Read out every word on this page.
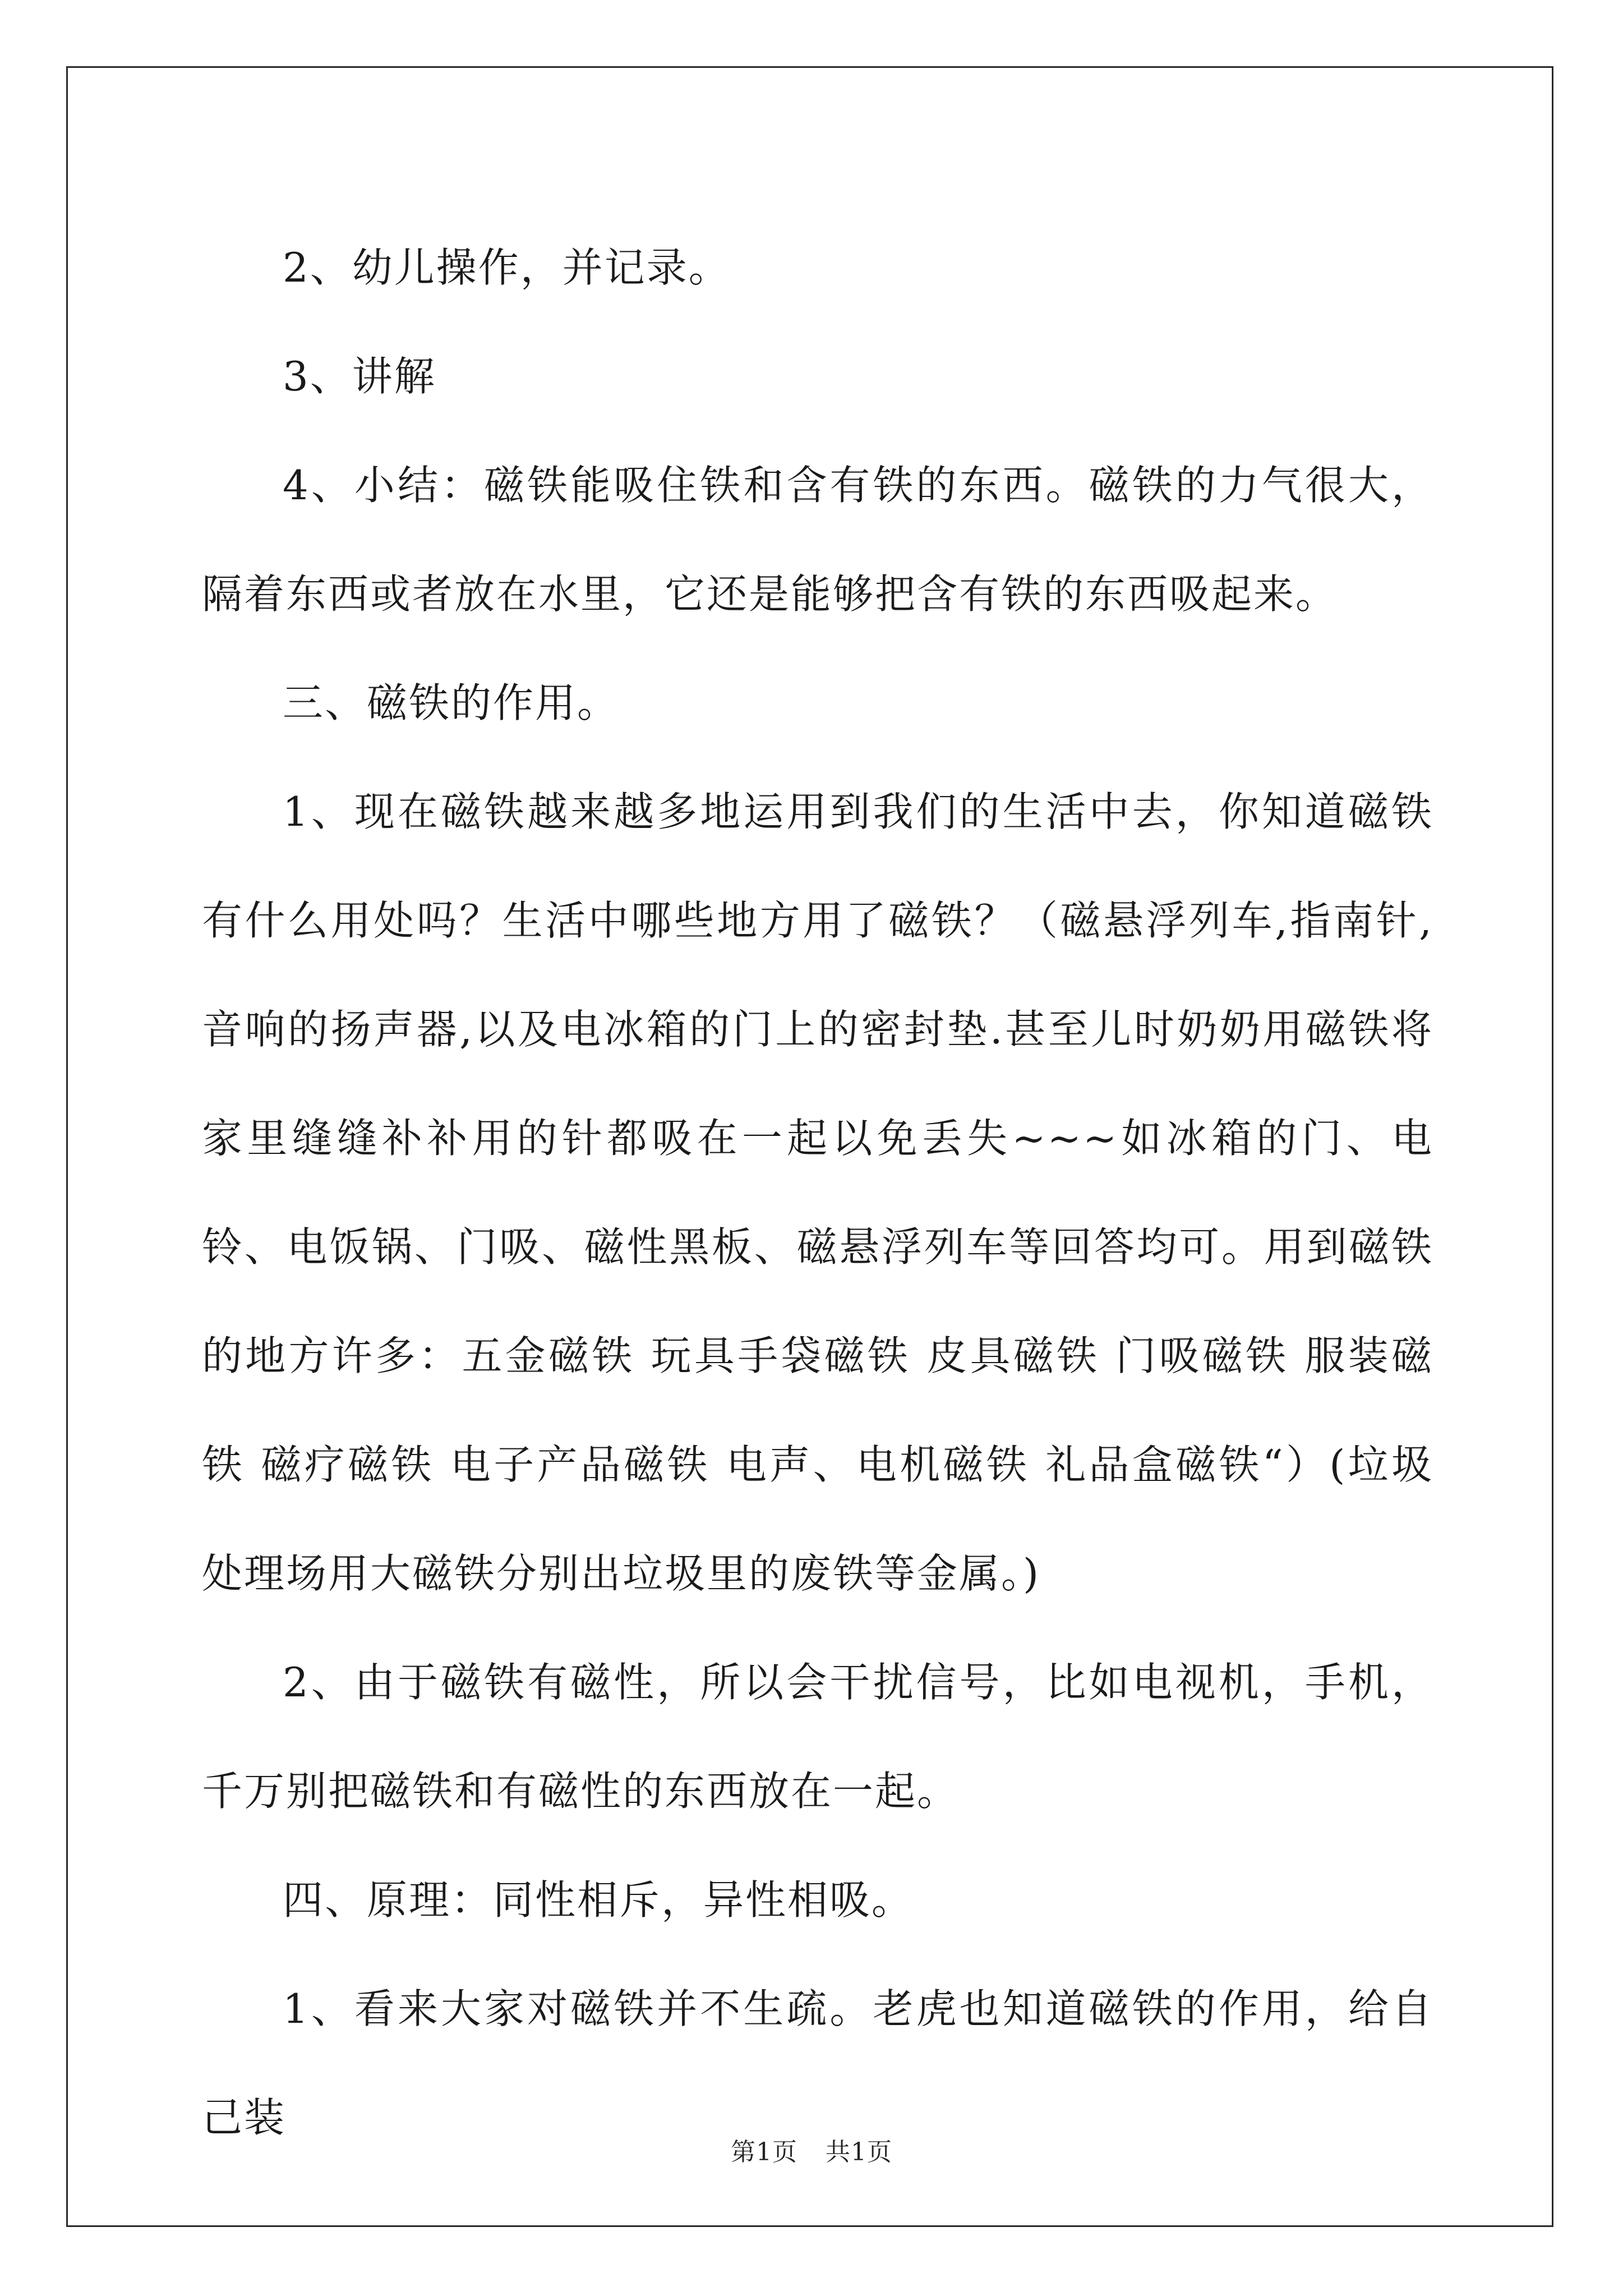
2、幼儿操作，并记录。

3、讲解

4、小结：磁铁能吸住铁和含有铁的东西。磁铁的力气很大，隔着东西或者放在水里，它还是能够把含有铁的东西吸起来。

三、磁铁的作用。

1、现在磁铁越来越多地运用到我们的生活中去，你知道磁铁有什么用处吗？生活中哪些地方用了磁铁？（磁悬浮列车,指南针,音响的扬声器,以及电冰箱的门上的密封垫.甚至儿时奶奶用磁铁将家里缝缝补补用的针都吸在一起以免丢失~~~如冰箱的门、电铃、电饭锅、门吸、磁性黑板、磁悬浮列车等回答均可。用到磁铁的地方许多：五金磁铁 玩具手袋磁铁 皮具磁铁 门吸磁铁 服装磁铁 磁疗磁铁 电子产品磁铁 电声、电机磁铁 礼品盒磁铁“）(垃圾处理场用大磁铁分别出垃圾里的废铁等金属。)

2、由于磁铁有磁性，所以会干扰信号，比如电视机，手机，千万别把磁铁和有磁性的东西放在一起。

四、原理：同性相斥，异性相吸。

1、看来大家对磁铁并不生疏。老虎也知道磁铁的作用，给自己装

第1页 共1页
